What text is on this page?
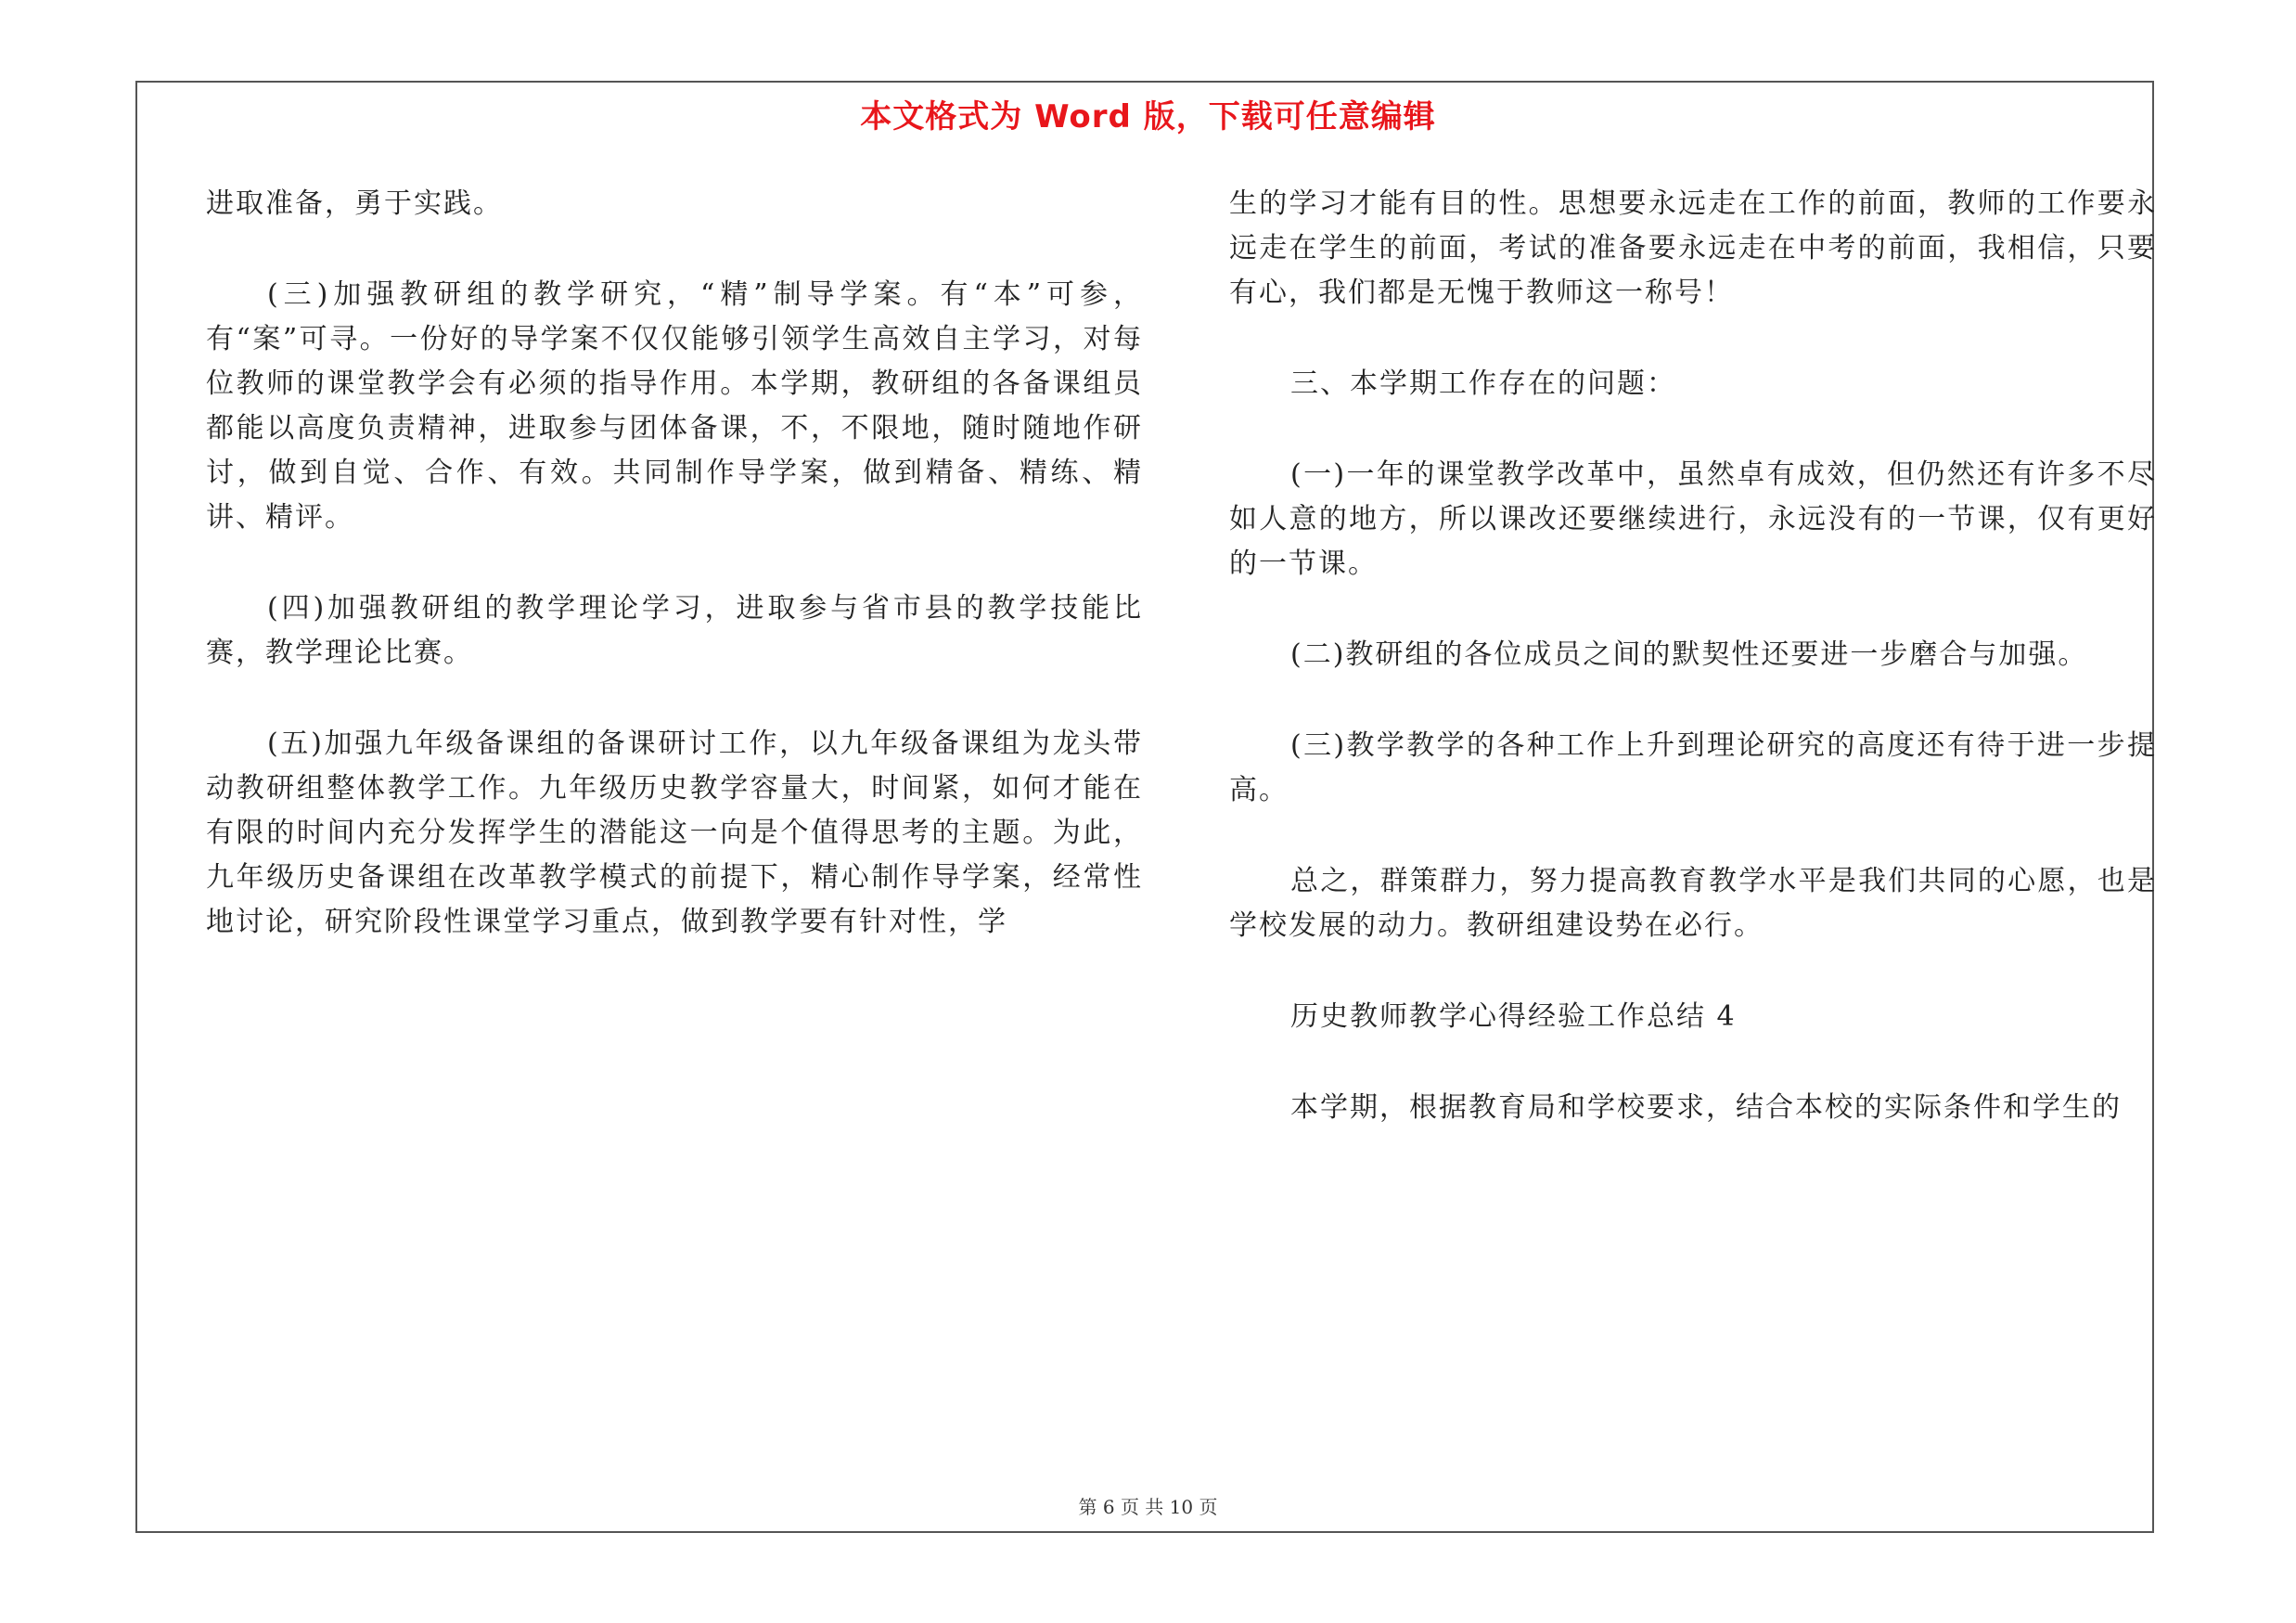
本文格式为 Word 版，下载可任意编辑

进取准备，勇于实践。

(三)加强教研组的教学研究，“精”制导学案。有“本”可参，有“案”可寻。一份好的导学案不仅仅能够引领学生高效自主学习，对每位教师的课堂教学会有必须的指导作用。本学期，教研组的各备课组员都能以高度负责精神，进取参与团体备课，不，不限地，随时随地作研讨，做到自觉、合作、有效。共同制作导学案，做到精备、精练、精讲、精评。

(四)加强教研组的教学理论学习，进取参与省市县的教学技能比赛，教学理论比赛。

(五)加强九年级备课组的备课研讨工作，以九年级备课组为龙头带动教研组整体教学工作。九年级历史教学容量大，时间紧，如何才能在有限的时间内充分发挥学生的潜能这一向是个值得思考的主题。为此，九年级历史备课组在改革教学模式的前提下，精心制作导学案，经常性地讨论，研究阶段性课堂学习重点，做到教学要有针对性，学

生的学习才能有目的性。思想要永远走在工作的前面，教师的工作要永远走在学生的前面，考试的准备要永远走在中考的前面，我相信，只要有心，我们都是无愧于教师这一称号！

三、本学期工作存在的问题：

(一)一年的课堂教学改革中，虽然卓有成效，但仍然还有许多不尽如人意的地方，所以课改还要继续进行，永远没有的一节课，仅有更好的一节课。

(二)教研组的各位成员之间的默契性还要进一步磨合与加强。

(三)教学教学的各种工作上升到理论研究的高度还有待于进一步提高。

总之，群策群力，努力提高教育教学水平是我们共同的心愿，也是学校发展的动力。教研组建设势在必行。

历史教师教学心得经验工作总结 4

本学期，根据教育局和学校要求，结合本校的实际条件和学生的

第 6 页 共 10 页
